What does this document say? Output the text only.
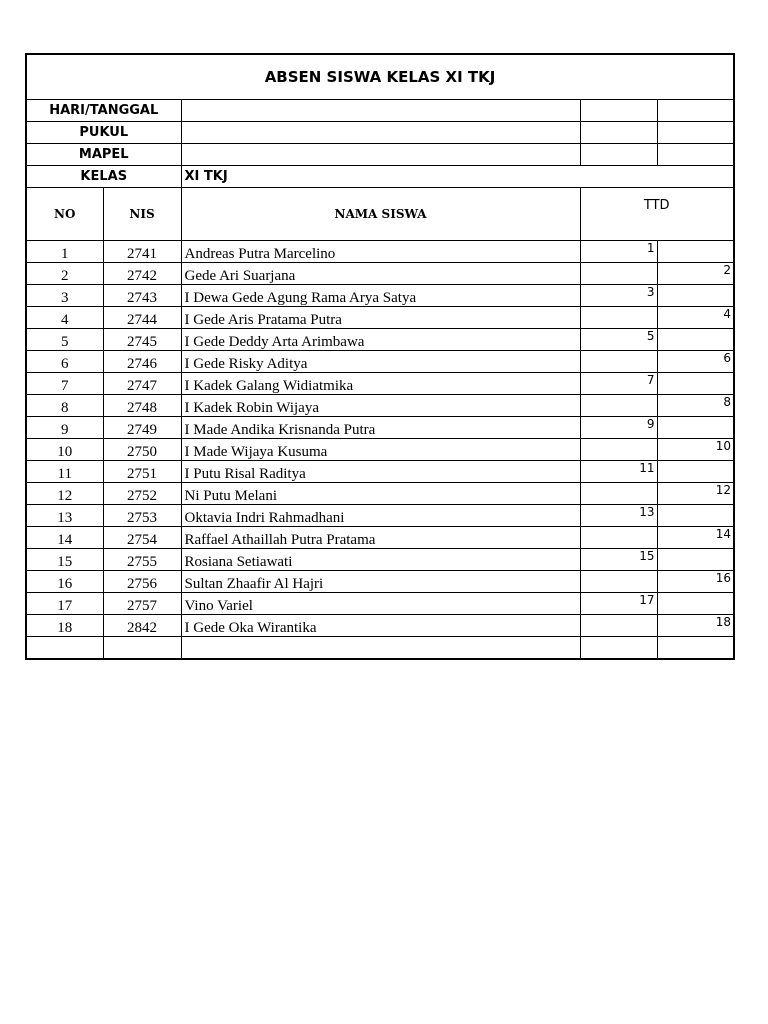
ABSEN SISWA KELAS XI TKJ				
HARI/TANGGAL				
PUKUL				
MAPEL				
KELAS		XI TKJ		
NO	NIS	NAMA SISWA	TTD	
1	2741	Andreas Putra Marcelino	1	
2	2742	Gede Ari Suarjana		2
3	2743	I Dewa Gede Agung Rama Arya Satya	3	
4	2744	I Gede Aris Pratama Putra		4
5	2745	I Gede Deddy Arta Arimbawa	5	
6	2746	I Gede Risky Aditya		6
7	2747	I Kadek Galang Widiatmika	7	
8	2748	I Kadek Robin Wijaya		8
9	2749	I Made Andika Krisnanda Putra	9	
10	2750	I Made Wijaya Kusuma		10
11	2751	I Putu Risal Raditya	11	
12	2752	Ni Putu Melani		12
13	2753	Oktavia Indri Rahmadhani	13	
14	2754	Raffael Athaillah Putra Pratama		14
15	2755	Rosiana Setiawati	15	
16	2756	Sultan Zhaafir Al Hajri		16
17	2757	Vino Variel	17	
18	2842	I Gede Oka Wirantika		18
